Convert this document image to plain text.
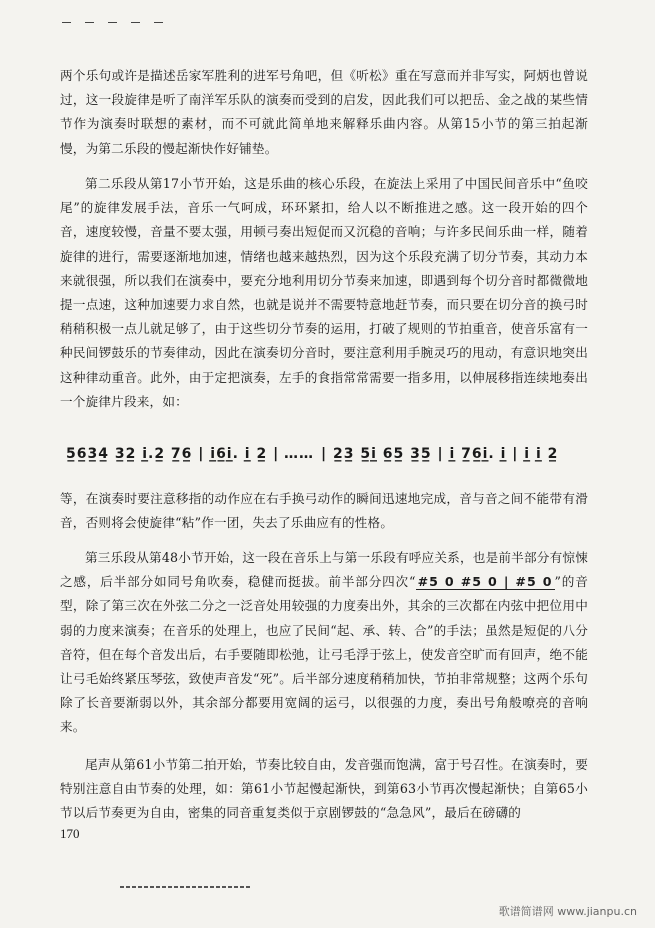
两个乐句或许是描述岳家军胜利的进军号角吧，但《听松》重在写意而并非写实，阿炳也曾说过，这一段旋律是听了南洋军乐队的演奏而受到的启发，因此我们可以把岳、金之战的某些情节作为演奏时联想的素材，而不可就此简单地来解释乐曲内容。从第15小节的第三拍起渐慢，为第二乐段的慢起渐快作好铺垫。

第二乐段从第17小节开始，这是乐曲的核心乐段，在旋法上采用了中国民间音乐中“鱼咬尾”的旋律发展手法，音乐一气呵成，环环紧扣，给人以不断推进之感。这一段开始的四个音，速度较慢，音量不要太强，用顿弓奏出短促而又沉稳的音响；与许多民间乐曲一样，随着旋律的进行，需要逐渐地加速，情绪也越来越热烈，因为这个乐段充满了切分节奏，其动力本来就很强，所以我们在演奏中，要充分地利用切分节奏来加速，即遇到每个切分音时都微微地提一点速，这种加速要力求自然，也就是说并不需要特意地赶节奏，而只要在切分音的换弓时稍稍积极一点儿就足够了，由于这些切分节奏的运用，打破了规则的节拍重音，使音乐富有一种民间锣鼓乐的节奏律动，因此在演奏切分音时，要注意利用手腕灵巧的甩动，有意识地突出这种律动重音。此外，由于定把演奏，左手的食指常常需要一指多用，以伸展移指连续地奏出一个旋律片段来，如：

5̲6̲3̲4̲ 3̲2̲ i̲.2̲ 7̲6̲ | i̲6̲i̲. i̲ 2̲ | …… | 2̲3̲ 5̲i̲ 6̲5̲ 3̲5̲ | i̲ 7̲6̲i̲. i̲ | i̲ i̲ 2̲

等，在演奏时要注意移指的动作应在右手换弓动作的瞬间迅速地完成，音与音之间不能带有滑音，否则将会使旋律“粘”作一团，失去了乐曲应有的性格。

第三乐段从第48小节开始，这一段在音乐上与第一乐段有呼应关系，也是前半部分有惊悚之感，后半部分如同号角吹奏，稳健而挺拔。前半部分四次“ #5 0 #5 0 | #5 0 ”的音型，除了第三次在外弦二分之一泛音处用较强的力度奏出外，其余的三次都在内弦中把位用中弱的力度来演奏；在音乐的处理上，也应了民间“起、承、转、合”的手法；虽然是短促的八分音符，但在每个音发出后，右手要随即松弛，让弓毛浮于弦上，使发音空旷而有回声，绝不能让弓毛始终紧压琴弦，致使声音发“死”。后半部分速度稍稍加快，节拍非常规整；这两个乐句除了长音要渐弱以外，其余部分都要用宽阔的运弓，以很强的力度，奏出号角般嘹亮的音响来。

尾声从第61小节第二拍开始，节奏比较自由，发音强而饱满，富于号召性。在演奏时，要特别注意自由节奏的处理，如：第61小节起慢起渐快，到第63小节再次慢起渐快；自第65小节以后节奏更为自由，密集的同音重复类似于京剧锣鼓的“急急风”，最后在磅礴的

170
歌谱简谱网 www.jianpu.cn
